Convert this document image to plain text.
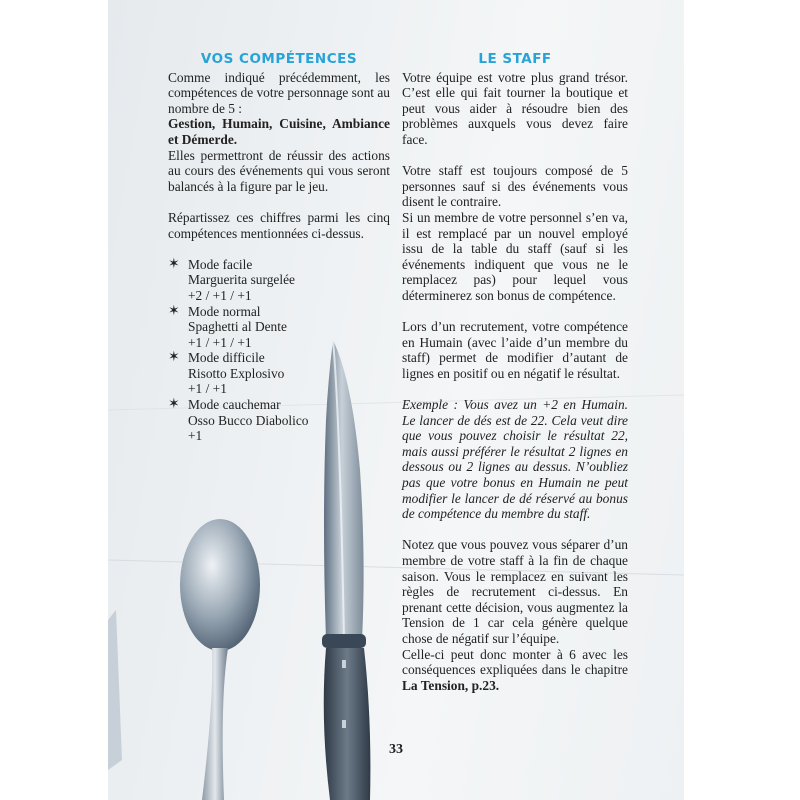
VOS COMPÉTENCES

Comme indiqué précédemment, les compétences de votre personnage sont au nombre de 5 :
Gestion, Humain, Cuisine, Ambiance et Démerde.

Elles permettront de réussir des actions au cours des événements qui vous seront balancés à la figure par le jeu.

Répartissez ces chiffres parmi les cinq compétences mentionnées ci-dessus.

✶ Mode facile
Marguerita surgelée
+2 / +1 / +1
✶ Mode normal
Spaghetti al Dente
+1 / +1 / +1
✶ Mode difficile
Risotto Explosivo
+1 / +1
✶ Mode cauchemar
Osso Bucco Diabolico
+1
LE STAFF

Votre équipe est votre plus grand trésor. C’est elle qui fait tourner la boutique et peut vous aider à résoudre bien des problèmes auxquels vous devez faire face.

Votre staff est toujours composé de 5 personnes sauf si des événements vous disent le contraire.

Si un membre de votre personnel s’en va, il est remplacé par un nouvel employé issu de la table du staff (sauf si les événements indiquent que vous ne le remplacez pas) pour lequel vous déterminerez son bonus de compétence.

Lors d’un recrutement, votre compétence en Humain (avec l’aide d’un membre du staff) permet de modifier d’autant de lignes en positif ou en négatif le résultat.

Exemple : Vous avez un +2 en Humain. Le lancer de dés est de 22. Cela veut dire que vous pouvez choisir le résultat 22, mais aussi préférer le résultat 2 lignes en dessous ou 2 lignes au dessus. N’oubliez pas que votre bonus en Humain ne peut modifier le lancer de dé réservé au bonus de compétence du membre du staff.

Notez que vous pouvez vous séparer d’un membre de votre staff à la fin de chaque saison. Vous le remplacez en suivant les règles de recrutement ci-dessus. En prenant cette décision, vous augmentez la Tension de 1 car cela génère quelque chose de négatif sur l’équipe.

Celle-ci peut donc monter à 6 avec les conséquences expliquées dans le chapitre La Tension, p.23.

33
